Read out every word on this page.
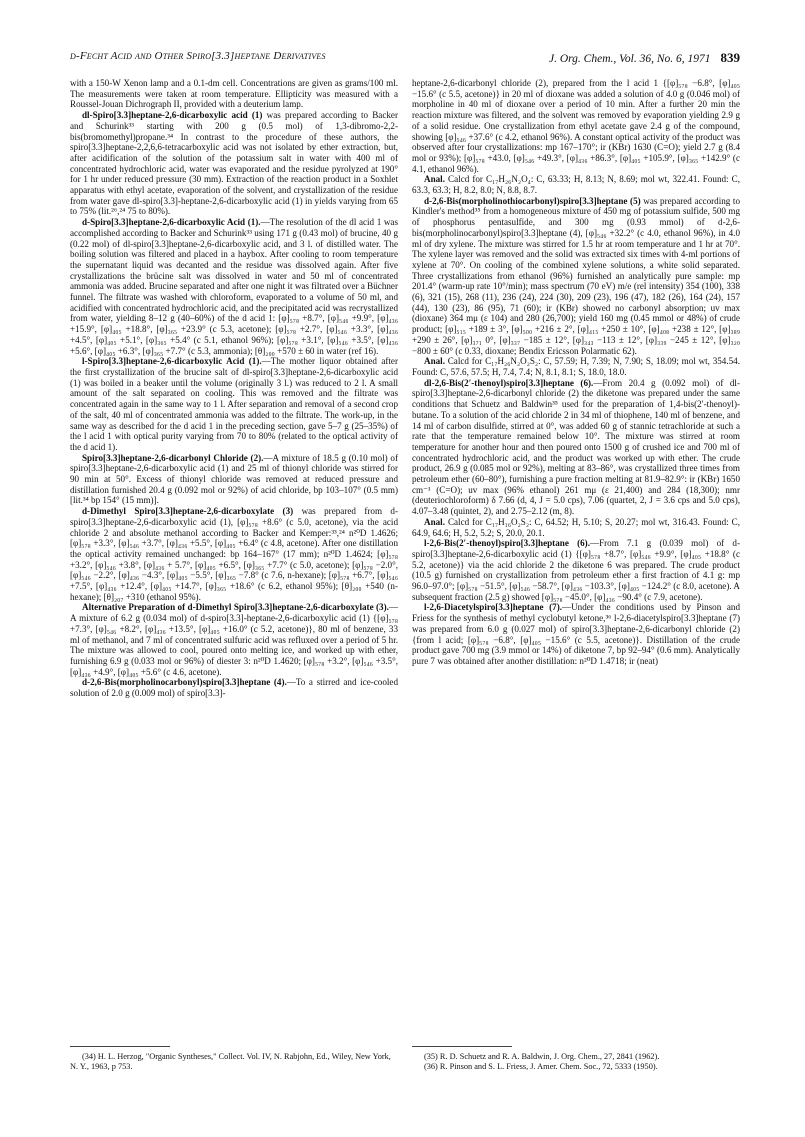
d-Fecht Acid and Other Spiro[3.3]heptane Derivatives	J. Org. Chem., Vol. 36, No. 6, 1971 839

with a 150-W Xenon lamp and a 0.1-dm cell. Concentrations are given as grams/100 ml. The measurements were taken at room temperature. Ellipticity was measured with a Roussel-Jouan Dichrograph II, provided with a deuterium lamp.

dl-Spiro[3.3]heptane-2,6-dicarboxylic acid (1) was prepared according to Backer and Schurink³³ starting with 200 g (0.5 mol) of 1,3-dibromo-2,2-bis(bromomethyl)propane.³⁴ In contrast to the procedure of these authors, the spiro[3.3]heptane-2,2,6,6-tetracarboxylic acid was not isolated by ether extraction, but, after acidification of the solution of the potassium salt in water with 400 ml of concentrated hydrochloric acid, water was evaporated and the residue pyrolyzed at 190° for 1 hr under reduced pressure (30 mm). Extraction of the reaction product in a Soxhlet apparatus with ethyl acetate, evaporation of the solvent, and crystallization of the residue from water gave dl-spiro[3.3]-heptane-2,6-dicarboxylic acid (1) in yields varying from 65 to 75% (lit.²⁶,²⁴ 75 to 80%).

d-Spiro[3.3]heptane-2,6-dicarboxylic Acid (1).—The resolution of the dl acid 1 was accomplished according to Backer and Schurink³³ using 171 g (0.43 mol) of brucine, 40 g (0.22 mol) of dl-spiro[3.3]heptane-2,6-dicarboxylic acid, and 3 l. of distilled water. The boiling solution was filtered and placed in a haybox. After cooling to room temperature the supernatant liquid was decanted and the residue was dissolved again. After five crystallizations the brücine salt was dissolved in water and 50 ml of concentrated ammonia was added. Brucine separated and after one night it was filtrated over a Büchner funnel. The filtrate was washed with chloroform, evaporated to a volume of 50 ml, and acidified with concentrated hydrochloric acid, and the precipitated acid was recrystallized from water, yielding 8–12 g (40–60%) of the d acid 1: [φ]₅₇₈ +8.7°, [φ]₅₄₆ +9.9°, [φ]₄₃₆ +15.9°, [φ]₄₀₅ +18.8°, [φ]₃₆₅ +23.9° (c 5.3, acetone); [φ]₅₇₈ +2.7°, [φ]₅₄₆ +3.3°, [φ]₄₃₆ +4.5°, [φ]₄₀₅ +5.1°, [φ]₃₆₅ +5.4° (c 5.1, ethanol 96%); [φ]₅₇₈ +3.1°, [φ]₅₄₆ +3.5°, [φ]₄₃₆ +5.6°, [φ]₄₀₅ +6.3°, [φ]₃₆₅ +7.7° (c 5.3, ammonia); [θ]₂₀₀ +570 ± 60 in water (ref 16).

l-Spiro[3.3]heptane-2,6-dicarboxylic Acid (1).—The mother liquor obtained after the first crystallization of the brucine salt of dl-spiro[3.3]heptane-2,6-dicarboxylic acid (1) was boiled in a beaker until the volume (originally 3 l.) was reduced to 2 l. A small amount of the salt separated on cooling. This was removed and the filtrate was concentrated again in the same way to 1 l. After separation and removal of a second crop of the salt, 40 ml of concentrated ammonia was added to the filtrate. The work-up, in the same way as described for the d acid 1 in the preceding section, gave 5–7 g (25–35%) of the l acid 1 with optical purity varying from 70 to 80% (related to the optical activity of the d acid 1).

Spiro[3.3]heptane-2,6-dicarbonyl Chloride (2).—A mixture of 18.5 g (0.10 mol) of spiro[3.3]heptane-2,6-dicarboxylic acid (1) and 25 ml of thionyl chloride was stirred for 90 min at 50°. Excess of thionyl chloride was removed at reduced pressure and distillation furnished 20.4 g (0.092 mol or 92%) of acid chloride, bp 103–107° (0.5 mm) [lit.³⁴ bp 154° (15 mm)].

d-Dimethyl Spiro[3.3]heptane-2,6-dicarboxylate (3) was prepared from d-spiro[3.3]heptane-2,6-dicarboxylic acid (1), [φ]₅₇₈ +8.6° (c 5.0, acetone), via the acid chloride 2 and absolute methanol according to Backer and Kemper:³³,²⁴ n²⁰D 1.4626; [φ]₅₇₈ +3.3°, [φ]₅₄₆ +3.7°, [φ]₄₃₆ +5.5°, [φ]₄₀₅ +6.4° (c 4.8, acetone). After one distillation the optical activity remained unchanged: bp 164–167° (17 mm); n²⁰D 1.4624; [φ]₅₇₈ +3.2°, [φ]₅₄₆ +3.8°, [φ]₄₃₆ + 5.7°, [φ]₄₀₅ +6.5°, [φ]₃₆₅ +7.7° (c 5.0, acetone); [φ]₅₇₈ −2.0°, [φ]₅₄₆ −2.2°, [φ]₄₃₆ −4.3°, [φ]₄₀₅ −5.5°, [φ]₃₆₅ −7.8° (c 7.6, n-hexane); [φ]₅₇₈ +6.7°, [φ]₅₄₆ +7.5°, [φ]₄₃₆ +12.4°, [φ]₄₀₅ +14.7°, [φ]₃₆₅ +18.6° (c 6.2, ethanol 95%); [θ]₂₀₀ +540 (n-hexane); [θ]₂₀₇ +310 (ethanol 95%).

Alternative Preparation of d-Dimethyl Spiro[3.3]heptane-2,6-dicarboxylate (3).—A mixture of 6.2 g (0.034 mol) of d-spiro[3.3]-heptane-2,6-dicarboxylic acid (1) {[φ]₅₇₈ +7.3°, [φ]₅₄₆ +8.2°, [φ]₄₃₆ +13.5°, [φ]₄₀₅ +16.0° (c 5.2, acetone)}, 80 ml of benzene, 33 ml of methanol, and 7 ml of concentrated sulfuric acid was refluxed over a period of 5 hr. The mixture was allowed to cool, poured onto melting ice, and worked up with ether, furnishing 6.9 g (0.033 mol or 96%) of diester 3: n²⁰D 1.4620; [φ]₅₇₈ +3.2°, [φ]₅₄₆ +3.5°, [φ]₄₃₆ +4.9°, [φ]₄₀₅ +5.6° (c 4.6, acetone).

d-2,6-Bis(morpholinocarbonyl)spiro[3.3]heptane (4).—To a stirred and ice-cooled solution of 2.0 g (0.009 mol) of spiro[3.3]-

heptane-2,6-dicarbonyl chloride (2), prepared from the l acid 1 {[φ]₅₇₈ −6.8°, [φ]₄₀₅ −15.6° (c 5.5, acetone)} in 20 ml of dioxane was added a solution of 4.0 g (0.046 mol) of morpholine in 40 ml of dioxane over a period of 10 min. After a further 20 min the reaction mixture was filtered, and the solvent was removed by evaporation yielding 2.9 g of a solid residue. One crystallization from ethyl acetate gave 2.4 g of the compound, showing [φ]₅₄₆ +37.6° (c 4.2, ethanol 96%). A constant optical activity of the product was observed after four crystallizations: mp 167–170°; ir (KBr) 1630 (C=O); yield 2.7 g (8.4 mol or 93%); [φ]₅₇₈ +43.0, [φ]₅₄₆ +49.3°, [φ]₄₃₆ +86.3°, [φ]₄₀₅ +105.9°, [φ]₃₆₅ +142.9° (c 4.1, ethanol 96%).

Anal. Calcd for C₁₇H₂₆N₂O₄: C, 63.33; H, 8.13; N, 8.69; mol wt, 322.41. Found: C, 63.3, 63.3; H, 8.2, 8.0; N, 8.8, 8.7.

d-2,6-Bis(morpholinothiocarbonyl)spiro[3.3]heptane (5) was prepared according to Kindler's method³⁵ from a homogeneous mixture of 450 mg of potassium sulfide, 500 mg of phosphorus pentasulfide, and 300 mg (0.93 mmol) of d-2,6-bis(morpholinocarbonyl)spiro[3.3]heptane (4), [φ]₅₄₆ +32.2° (c 4.0, ethanol 96%), in 4.0 ml of dry xylene. The mixture was stirred for 1.5 hr at room temperature and 1 hr at 70°. The xylene layer was removed and the solid was extracted six times with 4-ml portions of xylene at 70°. On cooling of the combined xylene solutions, a white solid separated. Three crystallizations from ethanol (96%) furnished an analytically pure sample: mp 201.4° (warm-up rate 10°/min); mass spectrum (70 eV) m/e (rel intensity) 354 (100), 338 (6), 321 (15), 268 (11), 236 (24), 224 (30), 209 (23), 196 (47), 182 (26), 164 (24), 157 (44), 130 (23), 86 (95), 71 (60); ir (KBr) showed no carbonyl absorption; uv max (dioxane) 364 mμ (ε 104) and 280 (26,700); yield 160 mg (0.45 mmol or 48%) of crude product; [φ]₅₁₅ +189 ± 3°, [φ]₅₀₀ +216 ± 2°, [φ]₄₁₅ +250 ± 10°, [φ]₄₀₈ +238 ± 12°, [φ]₃₈₉ +290 ± 26°, [φ]₃₇₁ 0°, [φ]₃₃₇ −185 ± 12°, [φ]₃₄₃ −113 ± 12°, [φ]₃₃₉ −245 ± 12°, [φ]₃₂₀ −800 ± 60° (c 0.33, dioxane; Bendix Ericsson Polarmatic 62).

Anal. Calcd for C₁₇H₂₆N₂O₂S₂: C, 57.59; H, 7.39; N, 7.90; S, 18.09; mol wt, 354.54. Found: C, 57.6, 57.5; H, 7.4, 7.4; N, 8.1, 8.1; S, 18.0, 18.0.

dl-2,6-Bis(2′-thenoyl)spiro[3.3]heptane (6).—From 20.4 g (0.092 mol) of dl-spiro[3.3]heptane-2,6-dicarbonyl chloride (2) the diketone was prepared under the same conditions that Schuetz and Baldwin³⁵ used for the preparation of 1,4-bis(2′-thenoyl)-butane. To a solution of the acid chloride 2 in 34 ml of thiophene, 140 ml of benzene, and 14 ml of carbon disulfide, stirred at 0°, was added 60 g of stannic tetrachloride at such a rate that the temperature remained below 10°. The mixture was stirred at room temperature for another hour and then poured onto 1500 g of crushed ice and 700 ml of concentrated hydrochloric acid, and the product was worked up with ether. The crude product, 26.9 g (0.085 mol or 92%), melting at 83–86°, was crystallized three times from petroleum ether (60–80°), furnishing a pure fraction melting at 81.9–82.9°: ir (KBr) 1650 cm⁻¹ (C=O); uv max (96% ethanol) 261 mμ (ε 21,400) and 284 (18,300); nmr (deuteriochloroform) δ 7.66 (d, 4, J = 5.0 cps), 7.06 (quartet, 2, J = 3.6 cps and 5.0 cps), 4.07–3.48 (quintet, 2), and 2.75–2.12 (m, 8).

Anal. Calcd for C₁₇H₁₆O₂S₂: C, 64.52; H, 5.10; S, 20.27; mol wt, 316.43. Found: C, 64.9, 64.6; H, 5.2, 5.2; S, 20.0, 20.1.

l-2,6-Bis(2′-thenoyl)spiro[3.3]heptane (6).—From 7.1 g (0.039 mol) of d-spiro[3.3]heptane-2,6-dicarboxylic acid (1) {[φ]₅₇₈ +8.7°, [φ]₅₄₆ +9.9°, [φ]₄₀₅ +18.8° (c 5.2, acetone)} via the acid chloride 2 the diketone 6 was prepared. The crude product (10.5 g) furnished on crystallization from petroleum ether a first fraction of 4.1 g: mp 96.0–97.0°; [φ]₅₇₈ −51.5°, [φ]₅₄₆ −58.7°, [φ]₄₃₆ −103.3°, [φ]₄₀₅ −124.2° (c 8.0, acetone). A subsequent fraction (2.5 g) showed [φ]₅₇₈ −45.0°, [φ]₄₃₆ −90.4° (c 7.9, acetone).

l-2,6-Diacetylspiro[3.3]heptane (7).—Under the conditions used by Pinson and Friess for the synthesis of methyl cyclobutyl ketone,³⁶ l-2,6-diacetylspiro[3.3]heptane (7) was prepared from 6.0 g (0.027 mol) of spiro[3.3]heptane-2,6-dicarbonyl chloride (2) {from l acid; [φ]₅₇₈ −6.8°, [φ]₄₀₅ −15.6° (c 5.5, acetone)}. Distillation of the crude product gave 700 mg (3.9 mmol or 14%) of diketone 7, bp 92–94° (0.6 mm). Analytically pure 7 was obtained after another distillation: n²⁰D 1.4718; ir (neat)

(34) H. L. Herzog, "Organic Syntheses," Collect. Vol. IV, N. Rabjohn, Ed., Wiley, New York, N. Y., 1963, p 753.

(35) R. D. Schuetz and R. A. Baldwin, J. Org. Chem., 27, 2841 (1962).

(36) R. Pinson and S. L. Friess, J. Amer. Chem. Soc., 72, 5333 (1950).
